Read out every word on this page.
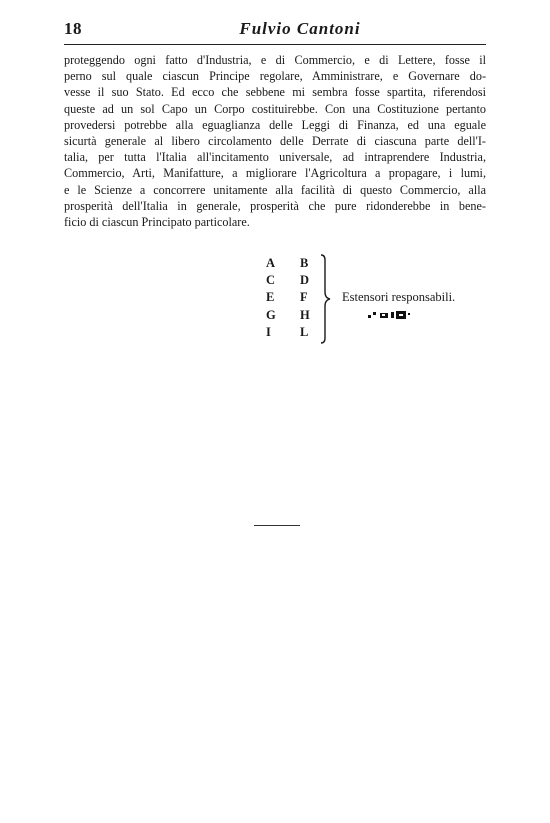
18	Fulvio Cantoni

proteggendo ogni fatto d'Industria, e di Commercio, e di Lettere, fosse il
perno sul quale ciascun Principe regolare, Amministrare, e Governare do-
vesse il suo Stato. Ed ecco che sebbene mi sembra fosse spartita, riferendosi
queste ad un sol Capo un Corpo costituirebbe. Con una Costituzione pertanto
provedersi potrebbe alla eguaglianza delle Leggi di Finanza, ed una eguale
sicurtà generale al libero circolamento delle Derrate di ciascuna parte dell'I-
talia, per tutta l'Italia all'incitamento universale, ad intraprendere Industria,
Commercio, Arti, Manifatture, a migliorare l'Agricoltura a propagare, i lumi,
e le Scienze a concorrere unitamente alla facilità di questo Commercio, alla
prosperità dell'Italia in generale, prosperità che pure ridonderebbe in bene-
ficio di ciascun Principato particolare.

A B
C D
E F
G H
I L
Estensori responsabili.
